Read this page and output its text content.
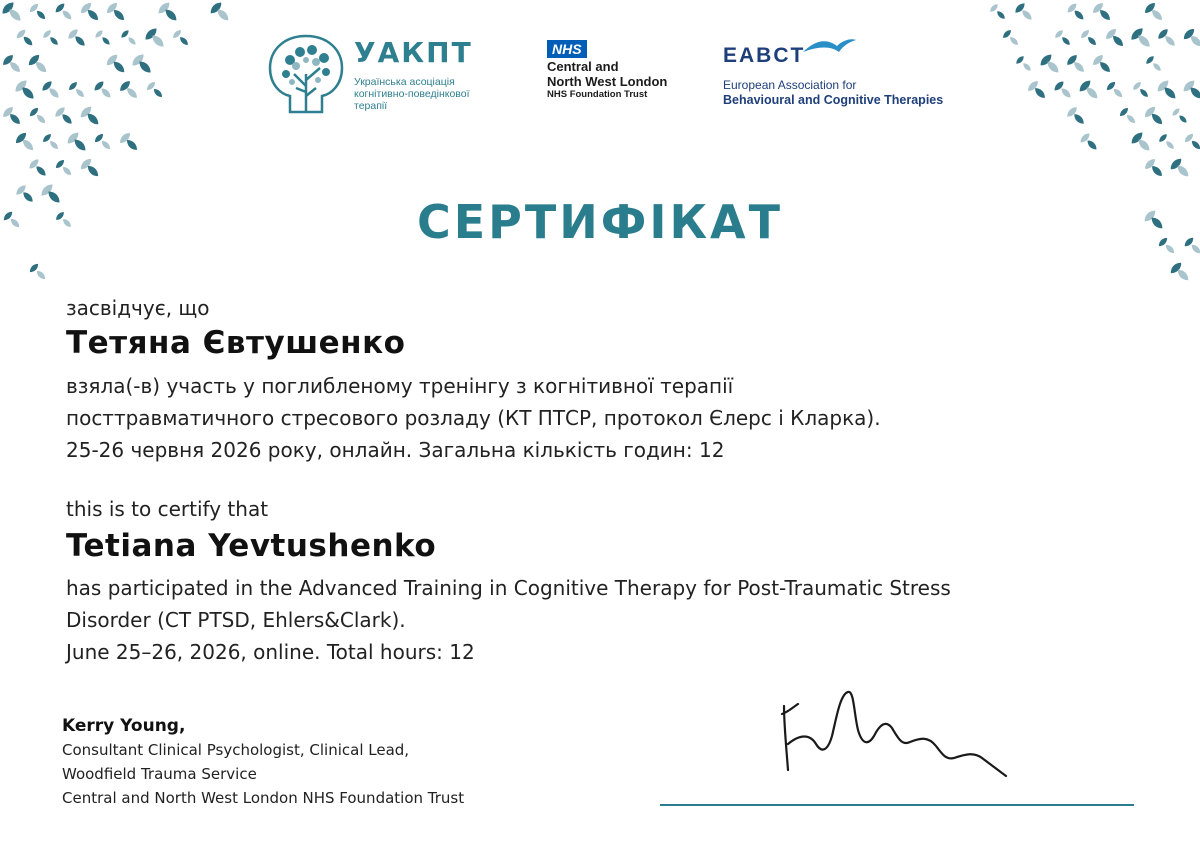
УАКПТ
Українська асоціація
когнітивно-поведінкової
терапії
NHS
Central and
North West London
NHS Foundation Trust
EABCT
European Association for
Behavioural and Cognitive Therapies
СЕРТИФІКАТ
засвідчує, що
Тетяна Євтушенко
взяла(-в) участь у поглибленому тренінгу з когнітивної терапії
посттравматичного стресового розладу (КТ ПТСР, протокол Єлерс і Кларка).
25-26 червня 2026 року, онлайн. Загальна кількість годин: 12
this is to certify that
Tetiana Yevtushenko
has participated in the Advanced Training in Cognitive Therapy for Post-Traumatic Stress
Disorder (CT PTSD, Ehlers&Clark).
June 25–26, 2026, online. Total hours: 12
Kerry Young,
Consultant Clinical Psychologist, Clinical Lead,
Woodfield Trauma Service
Central and North West London NHS Foundation Trust
